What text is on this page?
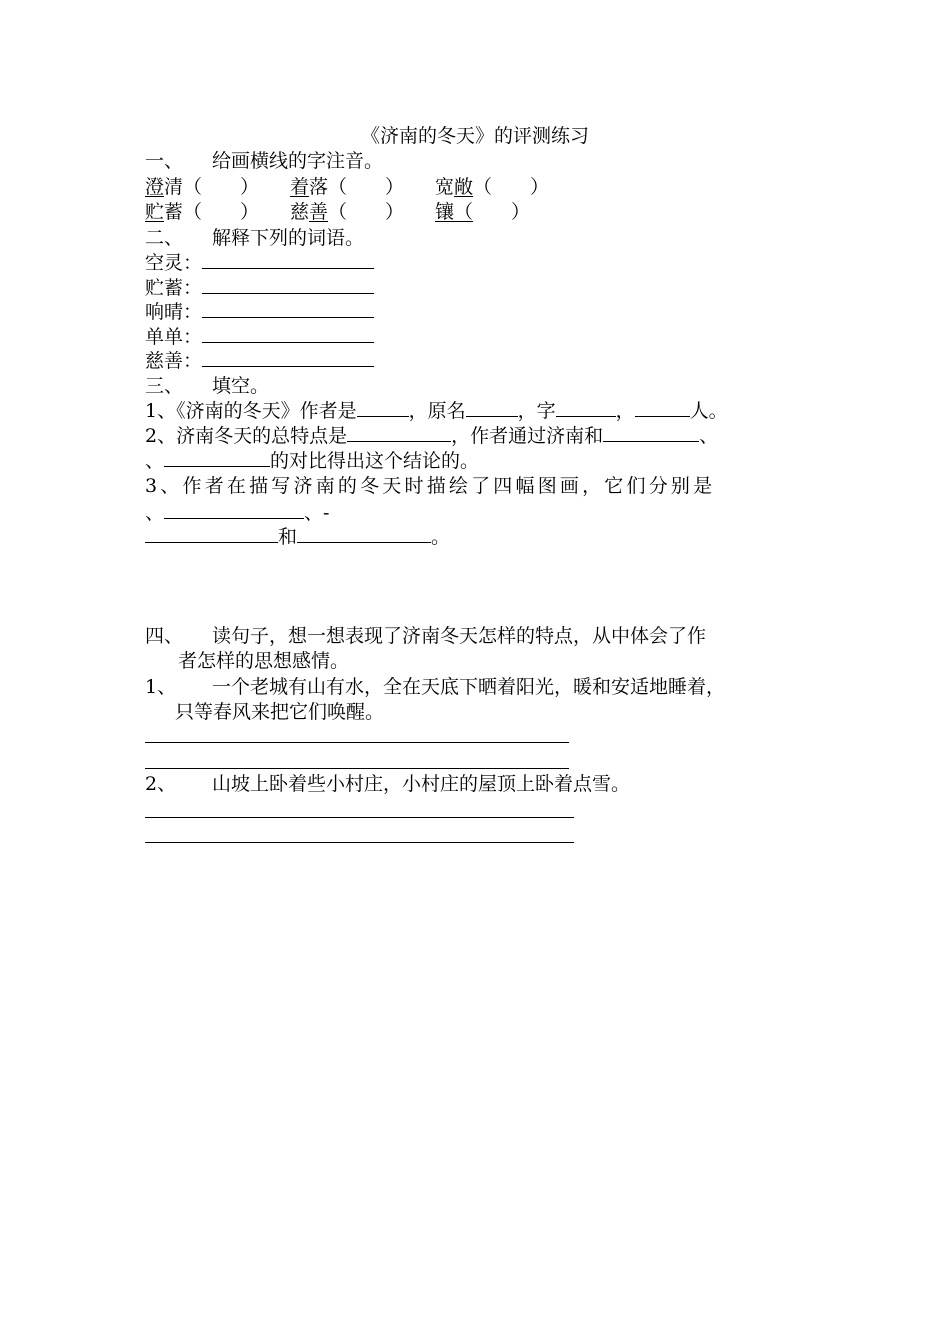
《济南的冬天》的评测练习
一、 给画横线的字注音。
澄清（　　） 着落（　　） 宽敞（　　）
贮蓄（　　） 慈善（　　） 镶（　　）
二、 解释下列的词语。
空灵：
贮蓄：
响晴：
单单：
慈善：
三、 填空。
1、《济南的冬天》作者是	，原名	，字	，	人。
2、济南冬天的总特点是	，作者通过济南和	、
、	的对比得出这个结论的。
3、作者在描写济南的冬天时描绘了四幅图画，它们分别是
、	、-
和	。
四、 读句子，想一想表现了济南冬天怎样的特点，从中体会了作
者怎样的思想感情。
1、 一个老城有山有水，全在天底下晒着阳光，暖和安适地睡着，
只等春风来把它们唤醒。
2、 山坡上卧着些小村庄，小村庄的屋顶上卧着点雪。
